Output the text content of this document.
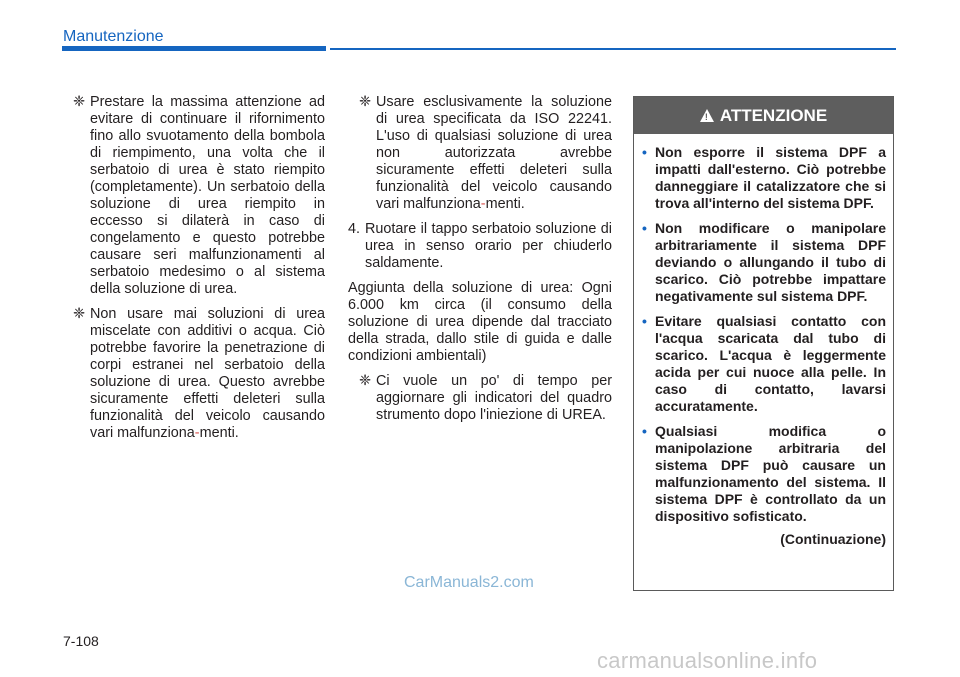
Manutenzione
❈ Prestare la massima attenzione ad evitare di continuare il rifornimento fino allo svuotamento della bombola di riempimento, una volta che il serbatoio di urea è stato riempito (completamente). Un serbatoio della soluzione di urea riempito in eccesso si dilaterà in caso di congelamento e questo potrebbe causare seri malfunzionamenti al serbatoio medesimo o al sistema della soluzione di urea.
❈ Non usare mai soluzioni di urea miscelate con additivi o acqua. Ciò potrebbe favorire la penetrazione di corpi estranei nel serbatoio della soluzione di urea. Questo avrebbe sicuramente effetti deleteri sulla funzionalità del veicolo causando vari malfunziona-menti.
❈ Usare esclusivamente la soluzione di urea specificata da ISO 22241. L'uso di qualsiasi soluzione di urea non autorizzata avrebbe sicuramente effetti deleteri sulla funzionalità del veicolo causando vari malfunziona-menti.
4. Ruotare il tappo serbatoio soluzione di urea in senso orario per chiuderlo saldamente.
Aggiunta della soluzione di urea: Ogni 6.000 km circa (il consumo della soluzione di urea dipende dal tracciato della strada, dallo stile di guida e dalle condizioni ambientali)
❈ Ci vuole un po' di tempo per aggiornare gli indicatori del quadro strumento dopo l'iniezione di UREA.
! ATTENZIONE
• Non esporre il sistema DPF a impatti dall'esterno. Ciò potrebbe danneggiare il catalizzatore che si trova all'interno del sistema DPF.
• Non modificare o manipolare arbitrariamente il sistema DPF deviando o allungando il tubo di scarico. Ciò potrebbe impattare negativamente sul sistema DPF.
• Evitare qualsiasi contatto con l'acqua scaricata dal tubo di scarico. L'acqua è leggermente acida per cui nuoce alla pelle. In caso di contatto, lavarsi accuratamente.
• Qualsiasi modifica o manipolazione arbitraria del sistema DPF può causare un malfunzionamento del sistema. Il sistema DPF è controllato da un dispositivo sofisticato.
(Continuazione)
CarManuals2.com
7-108
carmanualsonline.info
